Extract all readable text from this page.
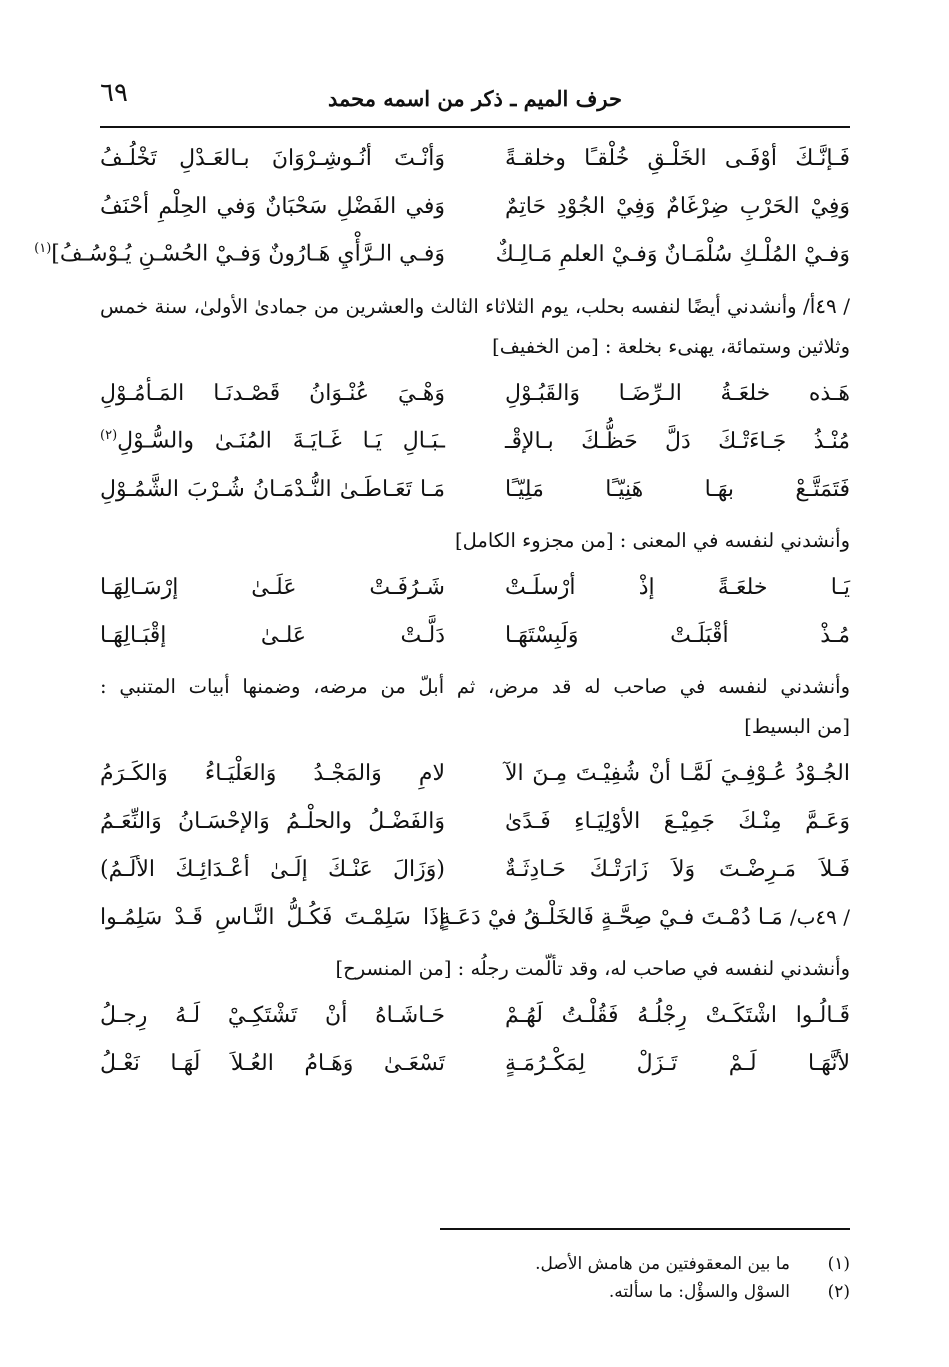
٦٩	حرف الميم ـ ذكر من اسمه محمد
فَـإنَّـكَ أوْفَـى الخَلْـقِ خُلْقـًا وخلقـةً
وَأنْـتَ أنُـوشِـرْوَانَ بـالعَـدْلِ تَخْلُـفُ
وَفِيْ الحَرْبِ ضِرْغَامٌ وَفِيْ الجُوْدِ حَاتِمٌ
وَفي الفَضْلِ سَحْبَانٌ وَفي الحِلْمِ أحْنَفُ
وَفـيْ المُلْـكِ سُلْمَـانٌ وَفـيْ العلمِ مَـالِـكٌ
وَفـي الـرَّأْيِ هَـارُونٌ وَفـيْ الحُسْـنِ يُـوْسُـفُ]$^{(١)}$
/ ٤٩أ/ وأنشدني أيضًا لنفسه بحلب، يوم الثلاثاء الثالث والعشرين من جمادىٰ الأولىٰ، سنة خمس وثلاثين وستمائة، يهنىء بخلعة : [من الخفيف]
هَـذه خلعَـةُ الـرِّضَـا وَالقَبُـوْلِ
وَهْـيَ عُنْـوَانُ قَصْـدنَـا المَـأمُـوْلِ
مُنْـذُ جَـاءَتْـكَ دَلَّ حَظُّـكَ بـالإقْـ
ـبَـالِ يَـا غَـايَـةَ المُنَـىٰ والسُّـوْلِ$^{(٢)}$
فَتَمَتَّـعْ بهَـا هَنِيّـًا مَلِيّـًا
مَـا تَعَـاطَـىٰ النُّـدْمَـانُ شُـرْبَ الشَّمُـوْلِ
وأنشدني لنفسه في المعنى : [من مجزوء الكامل]
يَـا خلعَـةً إذْ أرْسلَـتْ
شَـرُفَـتْ عَلَـىٰ إرْسَـالِهَـا
مُـذْ أقْبَلَـتْ وَلَبِسْتَهَـا
دَلَّـتْ عَلـىٰ إقْبَـالِهَـا
وأنشدني لنفسه في صاحب له قد مرض، ثم أبلّ من مرضه، وضمنها أبيات المتنبي : [من البسيط]
الجُـوْدُ عُـوْفِـيَ لَمَّـا أنْ شُفِيْـتَ مِـنَ الآ
لامِ وَالمَجْـدُ وَالعَلْيَـاءُ وَالكَـرَمُ
وَعَـمَّ مِنْـكَ جَمِيْـعَ الأوْلِيَـاءِ فَـدًىٰ
وَالفَضْـلُ والحلْـمُ وَالإحْسَـانُ وَالنِّعَـمُ
فَـلاَ مَـرِضْـتَ وَلاَ زَارَتْـكَ حَـادِثَـةٌ
(وَزَالَ عَنْـكَ إلَـىٰ أعْـدَائِـكَ الألَـمُ)
/ ٤٩ب/ مَـا دُمْـتَ فـيْ صِحَّـةٍ فَالخَلْـقُ فيْ دَعَـةٍ
إذَا سَلِمْـتَ فَكُـلُّ النَّـاسِ قَـدْ سَلِمُـوا
وأنشدني لنفسه في صاحب له، وقد تألّمت رجلُه : [من المنسرح]
قَـالُـوا اشْتَكَـتْ رِجْلُـهُ فَقُلْـتُ لَهُـمْ
حَـاشَـاهُ أنْ تَشْتَكِـيْ لَـهُ رِجـلُ
لأنَّهَـا لَـمْ تَـزَلْ لِمَكْـرُمَـةٍ
تَسْعَـىٰ وَهَـامُ العُـلاَ لَهَـا نَعْـلُ
(١)
ما بين المعقوفتين من هامش الأصل.
(٢)
السوْل والسؤْل: ما سألته.
